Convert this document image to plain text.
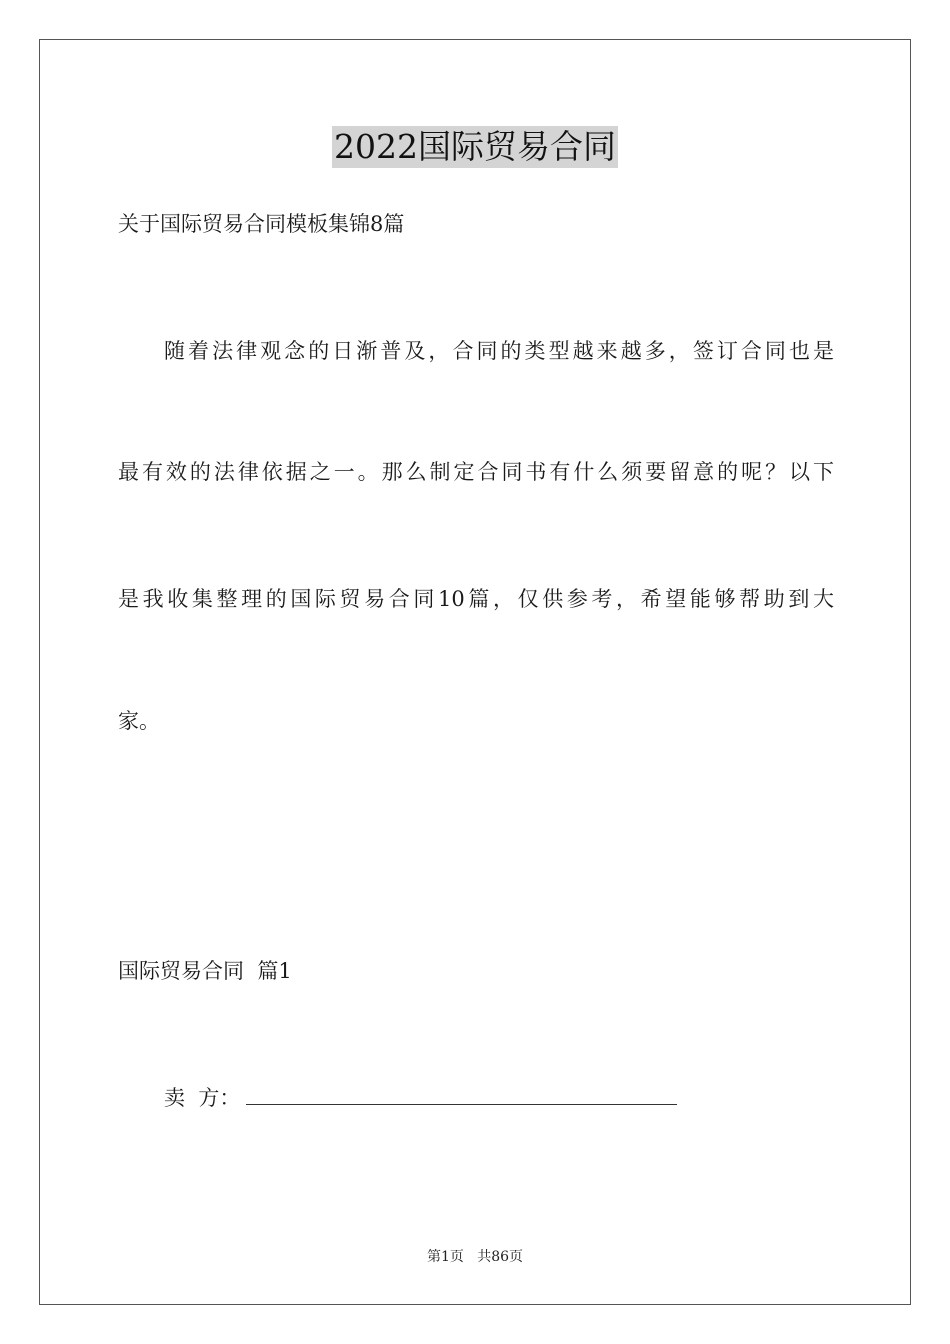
2022国际贸易合同
关于国际贸易合同模板集锦8篇
随着法律观念的日渐普及，合同的类型越来越多，签订合同也是
最有效的法律依据之一。那么制定合同书有什么须要留意的呢？以下
是我收集整理的国际贸易合同10篇，仅供参考，希望能够帮助到大
家。
国际贸易合同  篇1
卖  方：
第1页   共86页
